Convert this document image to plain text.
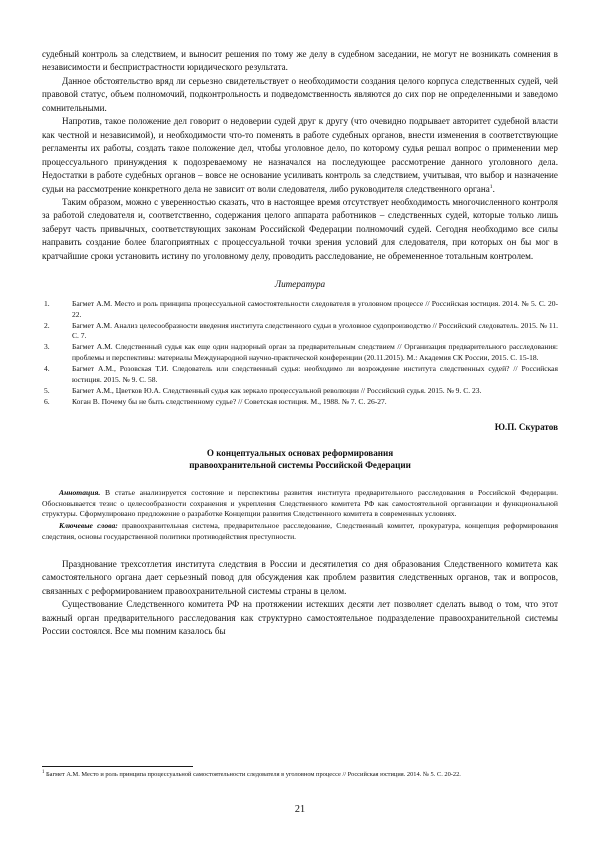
судебный контроль за следствием, и выносит решения по тому же делу в судебном заседании, не могут не возникать сомнения в независимости и беспристрастности юридического результата.

Данное обстоятельство вряд ли серьезно свидетельствует о необходимости создания целого корпуса следственных судей, чей правовой статус, объем полномочий, подконтрольность и подведомственность являются до сих пор не определенными и заведомо сомнительными.

Напротив, такое положение дел говорит о недоверии судей друг к другу (что очевидно подрывает авторитет судебной власти как честной и независимой), и необходимости что-то поменять в работе судебных органов, внести изменения в соответствующие регламенты их работы, создать такое положение дел, чтобы уголовное дело, по которому судья решал вопрос о применении мер процессуального принуждения к подозреваемому не назначался на последующее рассмотрение данного уголовного дела. Недостатки в работе судебных органов – вовсе не основание усиливать контроль за следствием, учитывая, что выбор и назначение судьи на рассмотрение конкретного дела не зависит от воли следователя, либо руководителя следственного органа$^1$.

Таким образом, можно с уверенностью сказать, что в настоящее время отсутствует необходимость многочисленного контроля за работой следователя и, соответственно, содержания целого аппарата работников – следственных судей, которые только лишь заберут часть привычных, соответствующих законам Российской Федерации полномочий судей. Сегодня необходимо все силы направить создание более благоприятных с процессуальной точки зрения условий для следователя, при которых он бы мог в кратчайшие сроки установить истину по уголовному делу, проводить расследование, не обремененное тотальным контролем.

Литература

1.	Багмет А.М. Место и роль принципа процессуальной самостоятельности следователя в уголовном процессе // Российская юстиция. 2014. № 5. С. 20-22.
2.	Багмет А.М. Анализ целесообразности введения института следственного судьи в уголовное судопроизводство // Российский следователь. 2015. № 11. С. 7.
3.	Багмет А.М. Следственный судья как еще один надзорный орган за предварительным следствием // Организация предварительного расследования: проблемы и перспективы: материалы Международной научно-практической конференции (20.11.2015). М.: Академия СК России, 2015. С. 15-18.
4.	Багмет А.М., Розовская Т.И. Следователь или следственный судья: необходимо ли возрождение института следственных судей? // Российская юстиция. 2015. № 9. С. 58.
5.	Багмет А.М., Цветков Ю.А. Следственный судья как зеркало процессуальной революции // Российский судья. 2015. № 9. С. 23.
6.	Коган В. Почему бы не быть следственному судье? // Советская юстиция. М., 1988. № 7. С. 26-27.

Ю.П. Скуратов

О концептуальных основах реформирования
правоохранительной системы Российской Федерации

Аннотация. В статье анализируется состояние и перспективы развития института предварительного расследования в Российской Федерации. Обосновывается тезис о целесообразности сохранения и укрепления Следственного комитета РФ как самостоятельной организации и функциональной структуры. Сформулировано предложение о разработке Концепции развития Следственного комитета в современных условиях.

Ключевые слова: правоохранительная система, предварительное расследование, Следственный комитет, прокуратура, концепция реформирования следствия, основы государственной политики противодействия преступности.

Празднование трехсотлетия института следствия в России и десятилетия со дня образования Следственного комитета как самостоятельного органа дает серьезный повод для обсуждения как проблем развития следственных органов, так и вопросов, связанных с реформированием правоохранительной системы страны в целом.

Существование Следственного комитета РФ на протяжении истекших десяти лет позволяет сделать вывод о том, что этот важный орган предварительного расследования как структурно самостоятельное подразделение правоохранительной системы России состоялся. Все мы помним казалось бы

$^1$ Багмет А.М. Место и роль принципа процессуальной самостоятельности следователя в уголовном процессе // Российская юстиция. 2014. № 5. С. 20-22.

21
